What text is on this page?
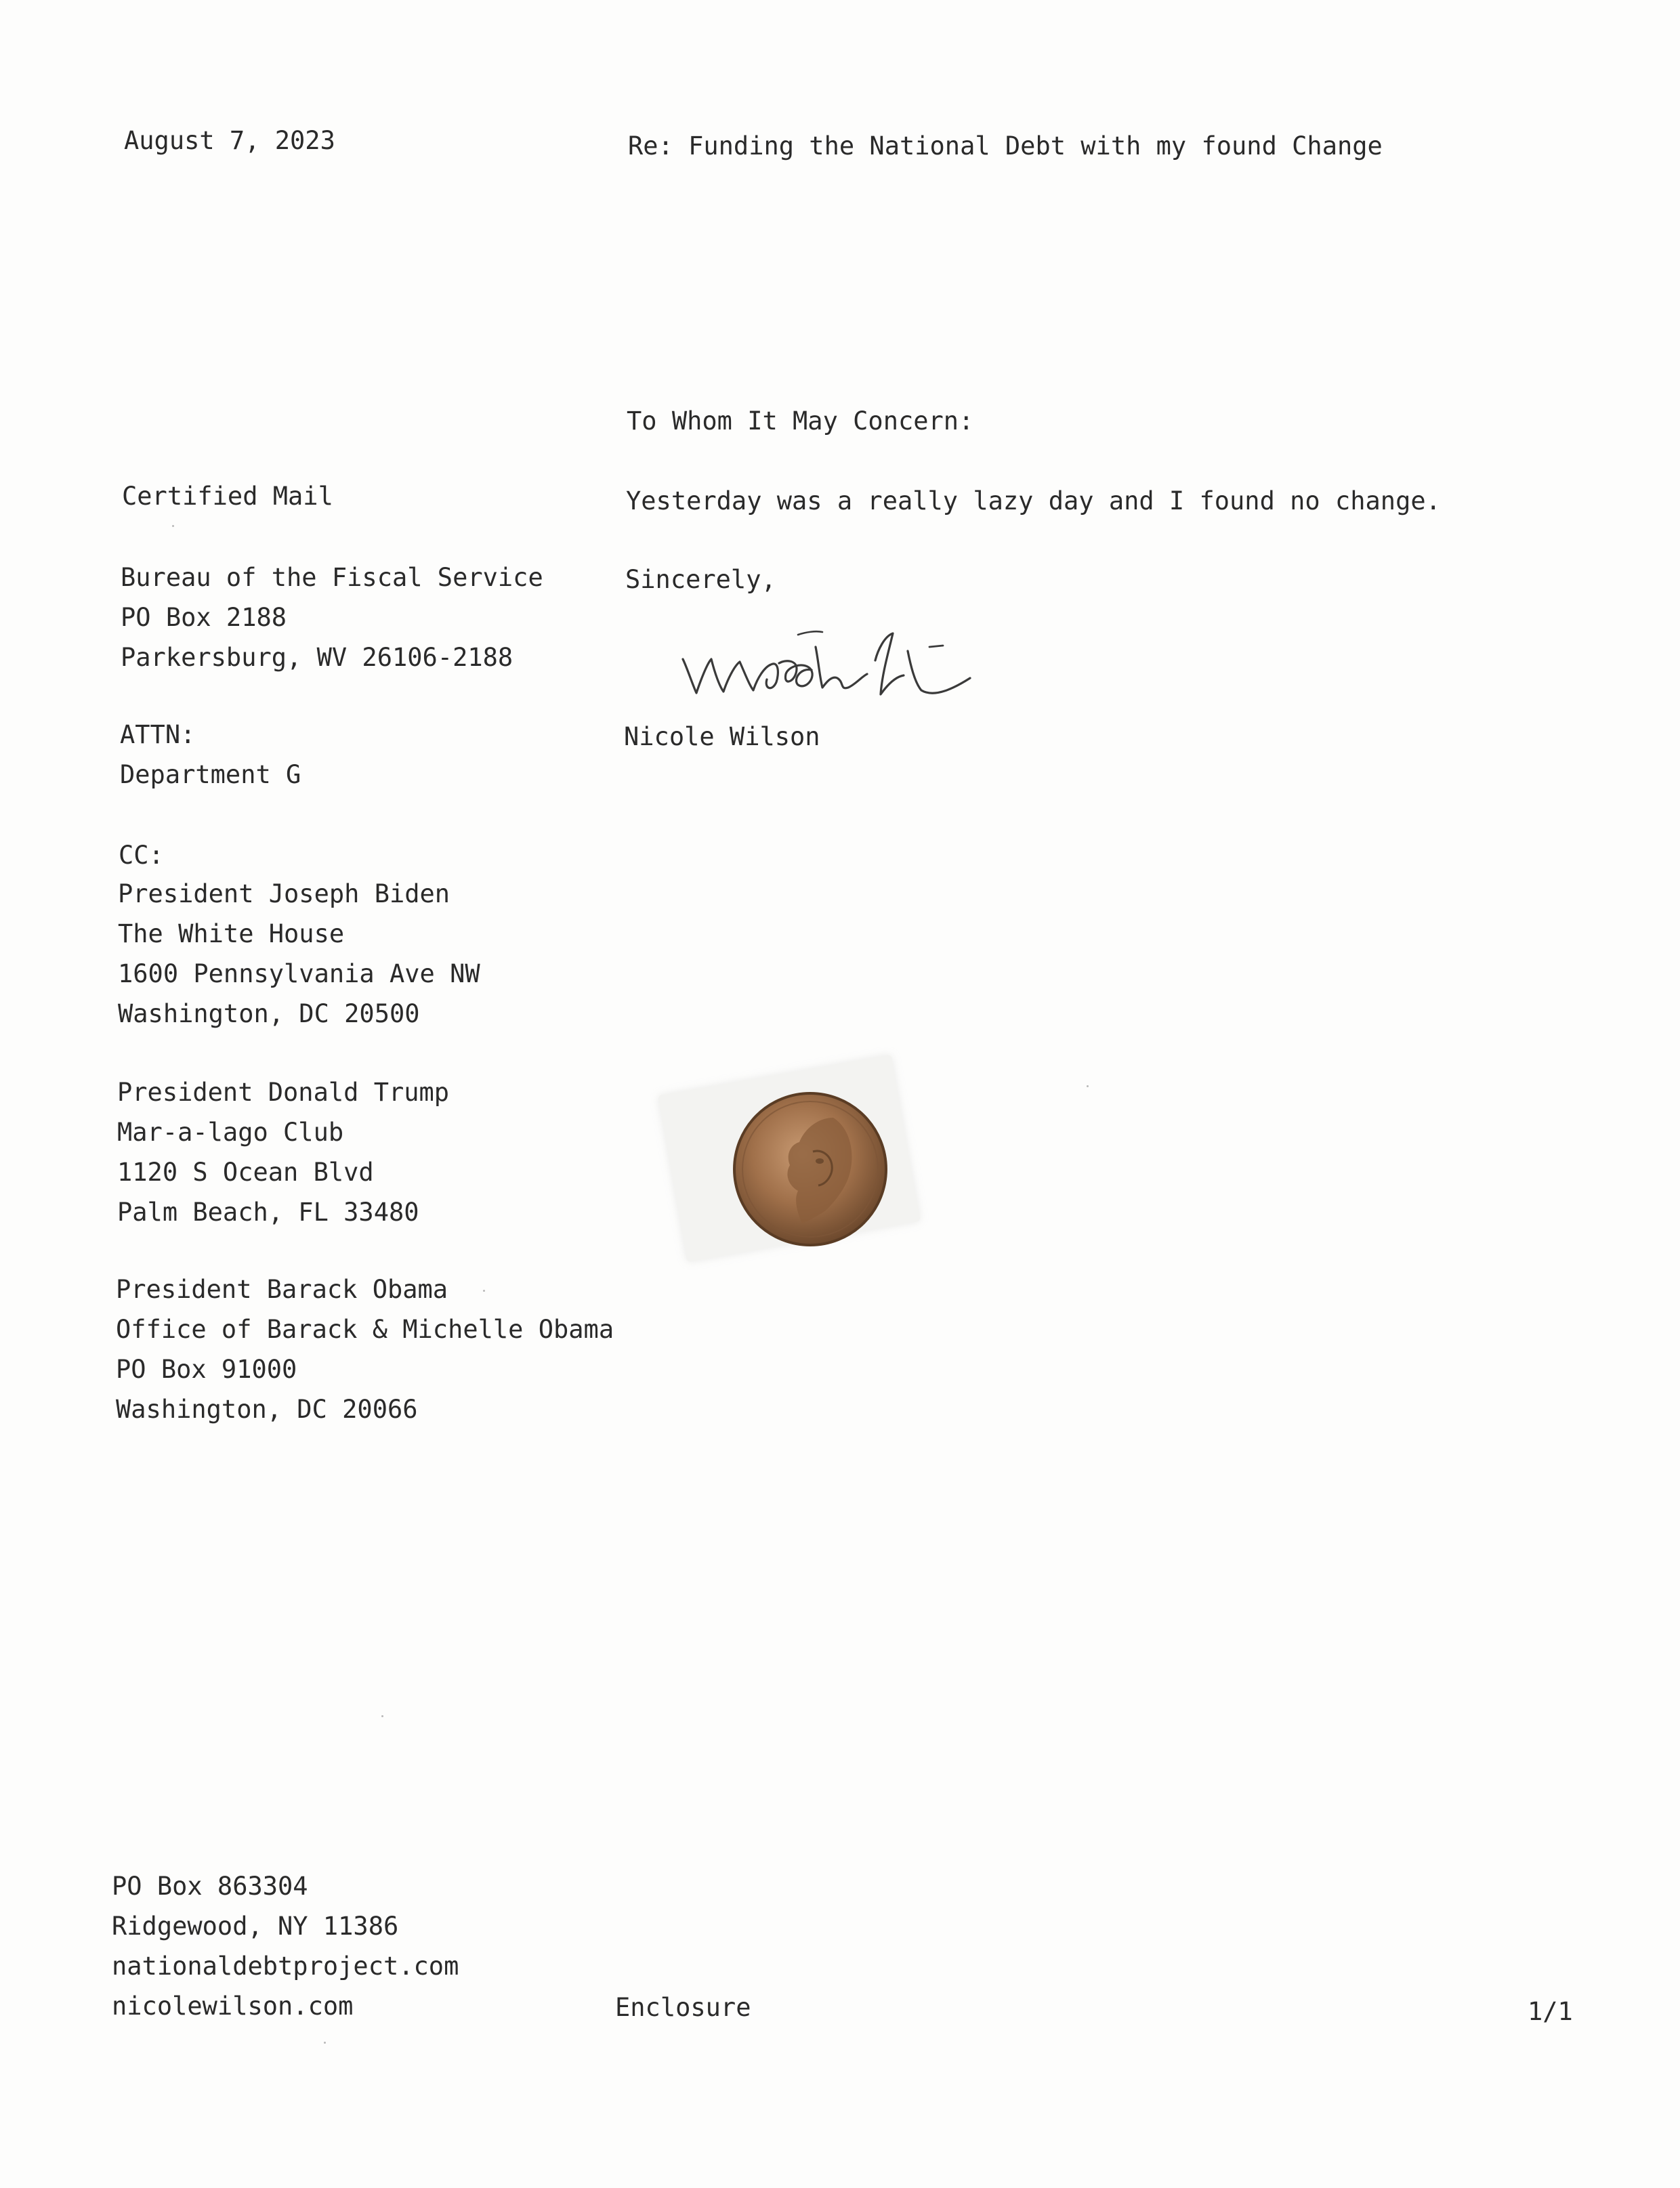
August 7, 2023	Re: Funding the National Debt with my found Change
Certified Mail
Bureau of the Fiscal Service
PO Box 2188
Parkersburg, WV 26106-2188
ATTN:
Department G
CC:
President Joseph Biden
The White House
1600 Pennsylvania Ave NW
Washington, DC 20500
President Donald Trump
Mar-a-lago Club
1120 S Ocean Blvd
Palm Beach, FL 33480
President Barack Obama
Office of Barack & Michelle Obama
PO Box 91000
Washington, DC 20066
To Whom It May Concern:
Yesterday was a really lazy day and I found no change.
Sincerely,
Nicole Wilson
PO Box 863304
Ridgewood, NY 11386
nationaldebtproject.com
nicolewilson.com	Enclosure	1/1
